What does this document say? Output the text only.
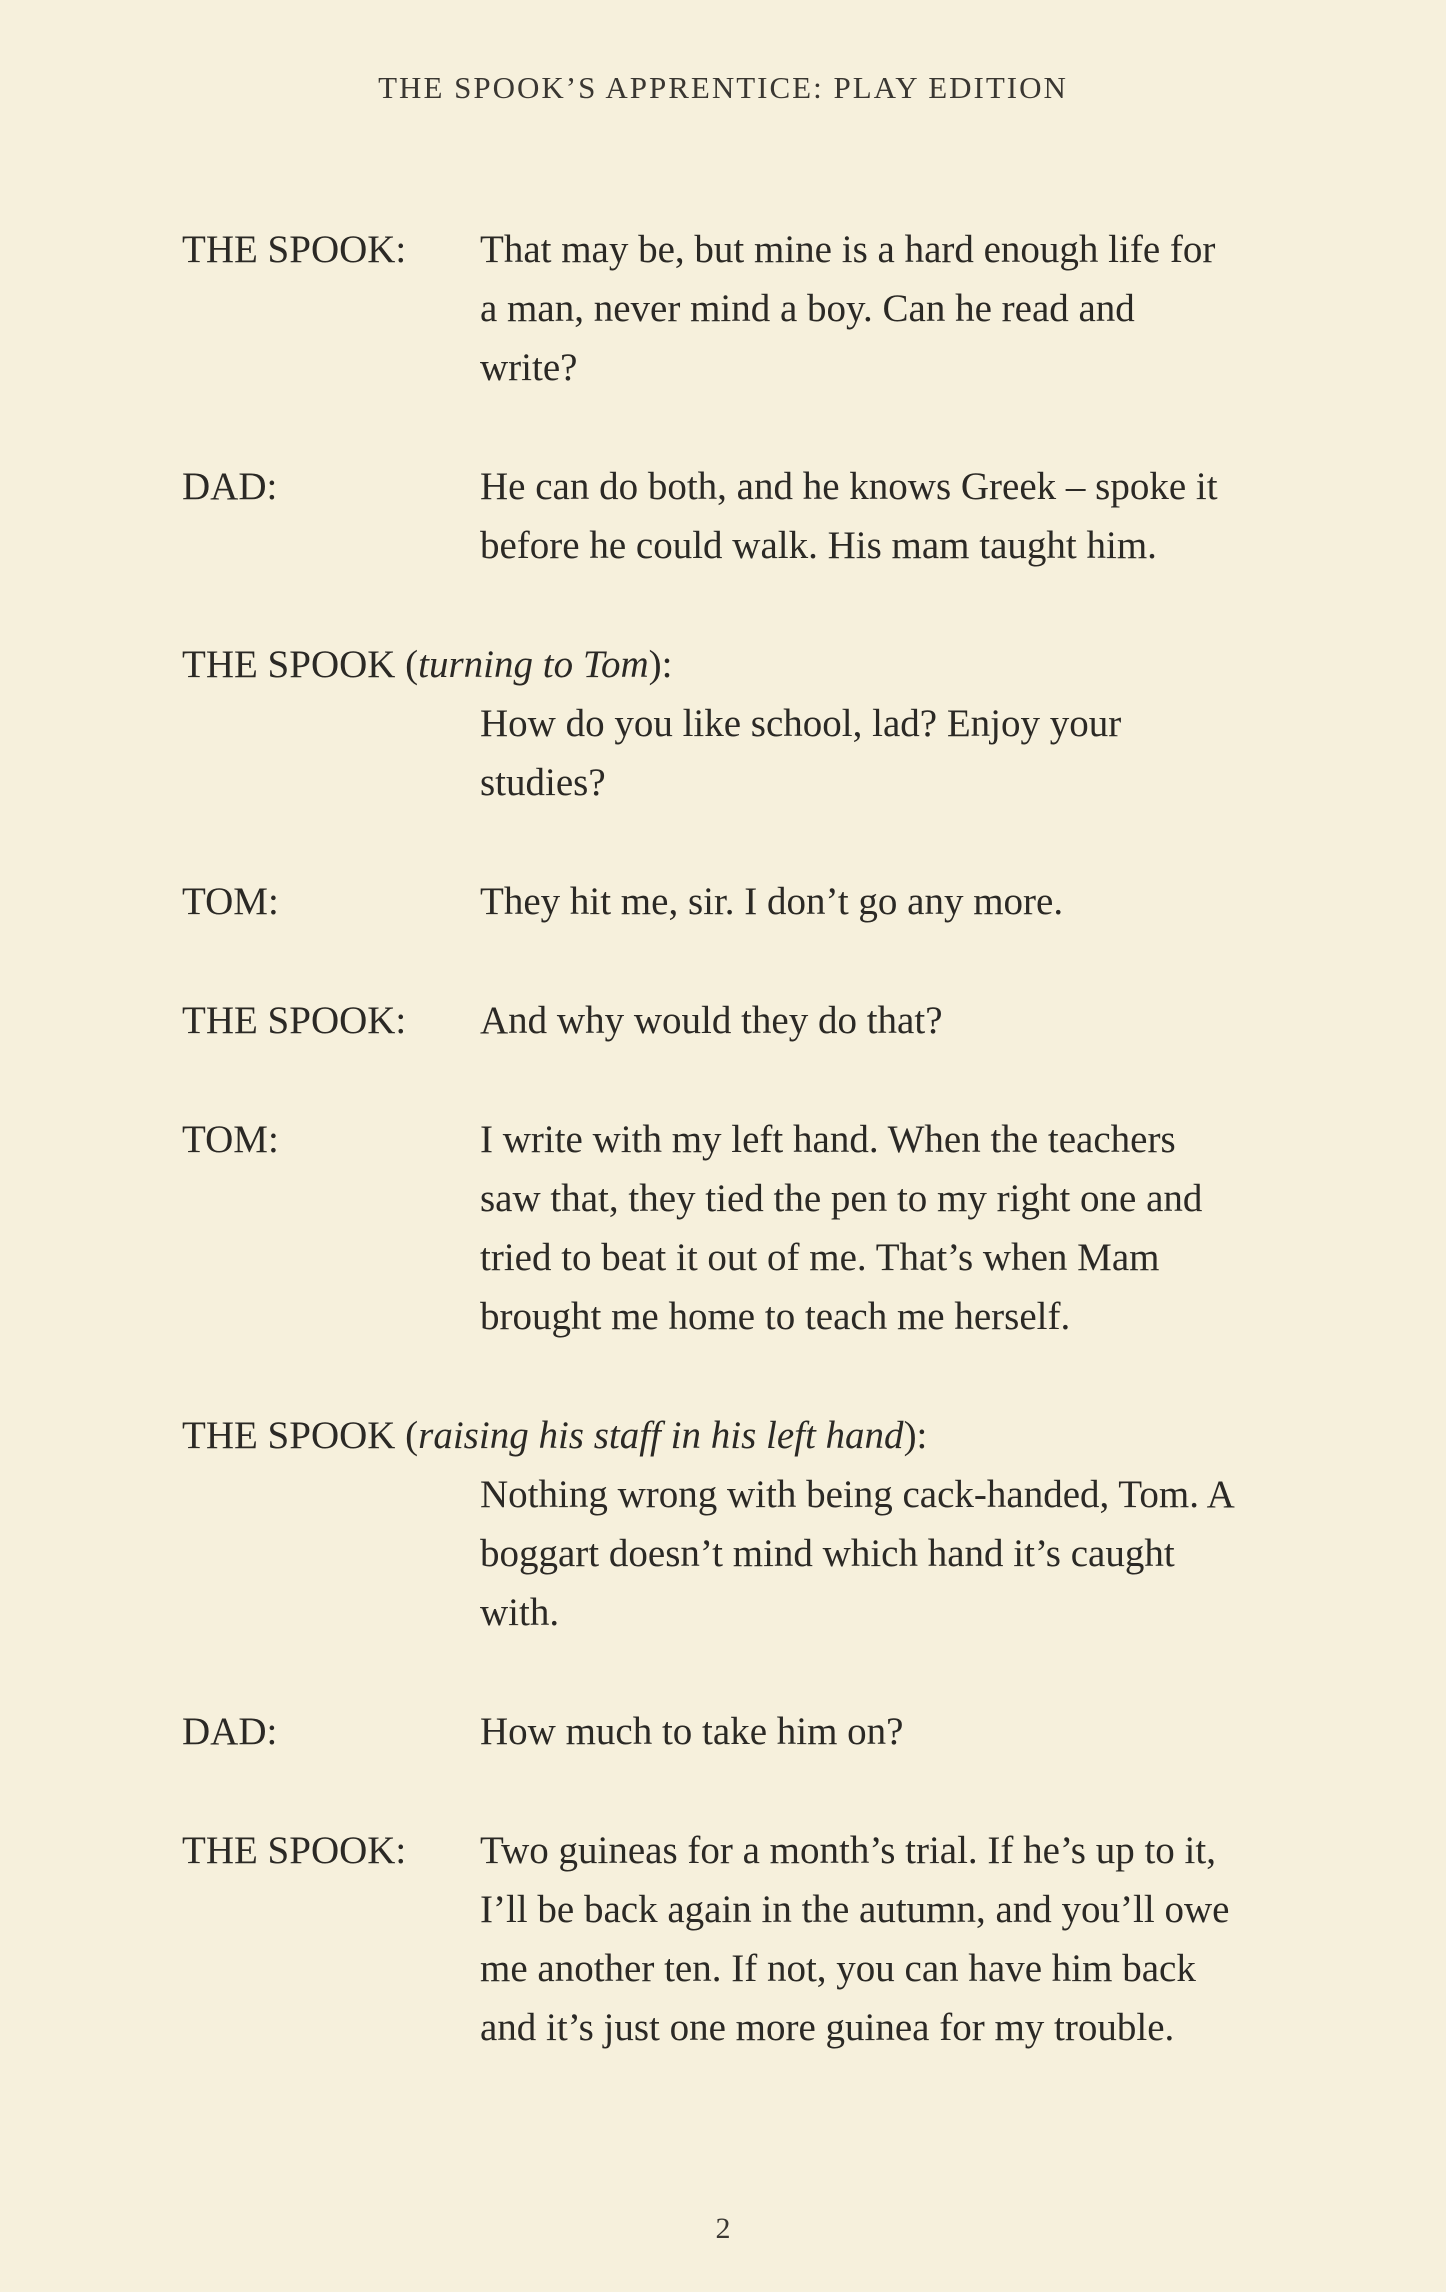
THE SPOOK’S APPRENTICE: PLAY EDITION
THE SPOOK:	That may be, but mine is a hard enough life for a man, never mind a boy. Can he read and write?
DAD:	He can do both, and he knows Greek – spoke it before he could walk. His mam taught him.
THE SPOOK (turning to Tom):
How do you like school, lad? Enjoy your studies?
TOM:	They hit me, sir. I don’t go any more.
THE SPOOK:	And why would they do that?
TOM:	I write with my left hand. When the teachers saw that, they tied the pen to my right one and tried to beat it out of me. That’s when Mam brought me home to teach me herself.
THE SPOOK (raising his staff in his left hand):
Nothing wrong with being cack-handed, Tom. A boggart doesn’t mind which hand it’s caught with.
DAD:	How much to take him on?
THE SPOOK:	Two guineas for a month’s trial. If he’s up to it, I’ll be back again in the autumn, and you’ll owe me another ten. If not, you can have him back and it’s just one more guinea for my trouble.
2
